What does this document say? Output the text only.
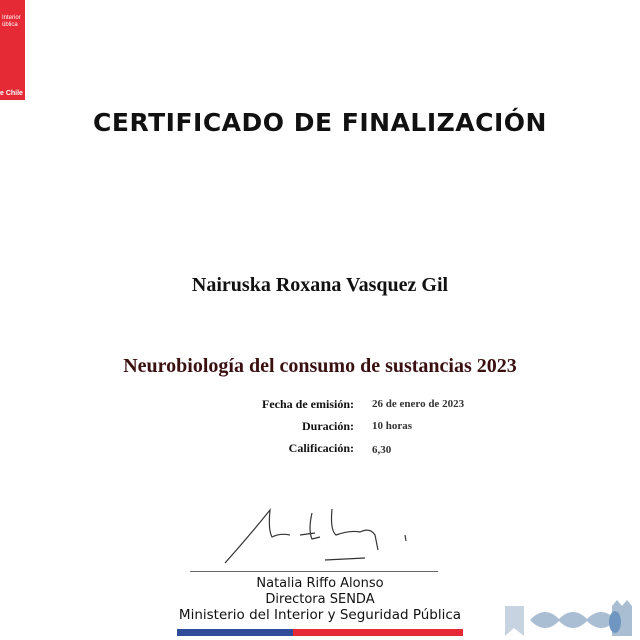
Interior
ública
e Chile
CERTIFICADO DE FINALIZACIÓN
Nairuska Roxana Vasquez Gil
Neurobiología del consumo de sustancias 2023
Fecha de emisión: 26 de enero de 2023
Duración: 10 horas
Calificación: 6,30
Natalia Riffo Alonso
Directora SENDA
Ministerio del Interior y Seguridad Pública
